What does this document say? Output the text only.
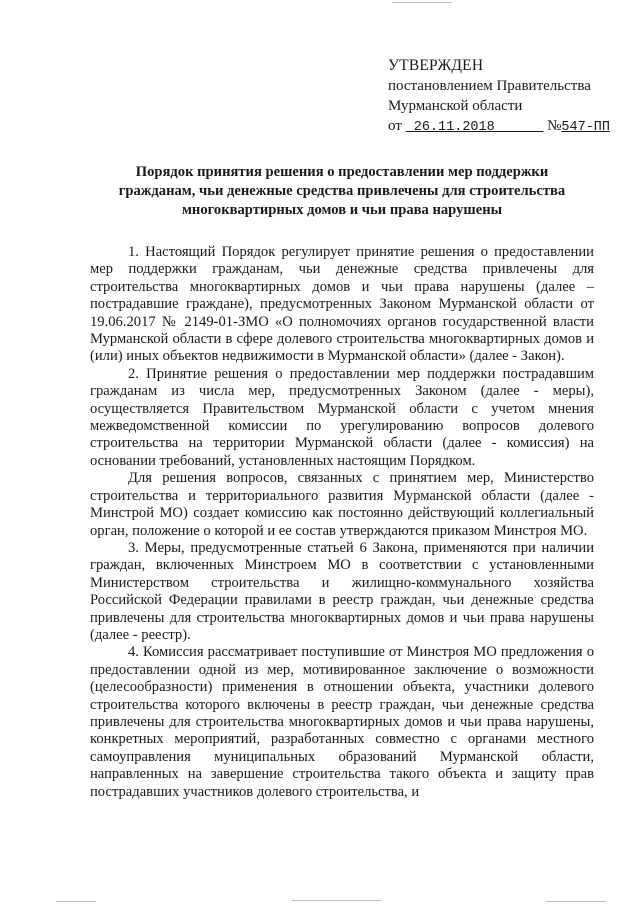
УТВЕРЖДЕН
постановлением Правительства
Мурманской области
от 26.11.2018	№547-ПП
Порядок принятия решения о предоставлении мер поддержки
гражданам, чьи денежные средства привлечены для строительства
многоквартирных домов и чьи права нарушены

1. Настоящий Порядок регулирует принятие решения о предоставлении мер поддержки гражданам, чьи денежные средства привлечены для строительства многоквартирных домов и чьи права нарушены (далее – пострадавшие граждане), предусмотренных Законом Мурманской области от 19.06.2017 № 2149-01-ЗМО «О полномочиях органов государственной власти Мурманской области в сфере долевого строительства многоквартирных домов и (или) иных объектов недвижимости в Мурманской области» (далее - Закон).

2. Принятие решения о предоставлении мер поддержки пострадавшим гражданам из числа мер, предусмотренных Законом (далее - меры), осуществляется Правительством Мурманской области с учетом мнения межведомственной комиссии по урегулированию вопросов долевого строительства на территории Мурманской области (далее - комиссия) на основании требований, установленных настоящим Порядком.

Для решения вопросов, связанных с принятием мер, Министерство строительства и территориального развития Мурманской области (далее - Минстрой МО) создает комиссию как постоянно действующий коллегиальный орган, положение о которой и ее состав утверждаются приказом Минстроя МО.

3. Меры, предусмотренные статьей 6 Закона, применяются при наличии граждан, включенных Минстроем МО в соответствии с установленными Министерством строительства и жилищно-коммунального хозяйства Российской Федерации правилами в реестр граждан, чьи денежные средства привлечены для строительства многоквартирных домов и чьи права нарушены (далее - реестр).

4. Комиссия рассматривает поступившие от Минстроя МО предложения о предоставлении одной из мер, мотивированное заключение о возможности (целесообразности) применения в отношении объекта, участники долевого строительства которого включены в реестр граждан, чьи денежные средства привлечены для строительства многоквартирных домов и чьи права нарушены, конкретных мероприятий, разработанных совместно с органами местного самоуправления муниципальных образований Мурманской области, направленных на завершение строительства такого объекта и защиту прав пострадавших участников долевого строительства, и
